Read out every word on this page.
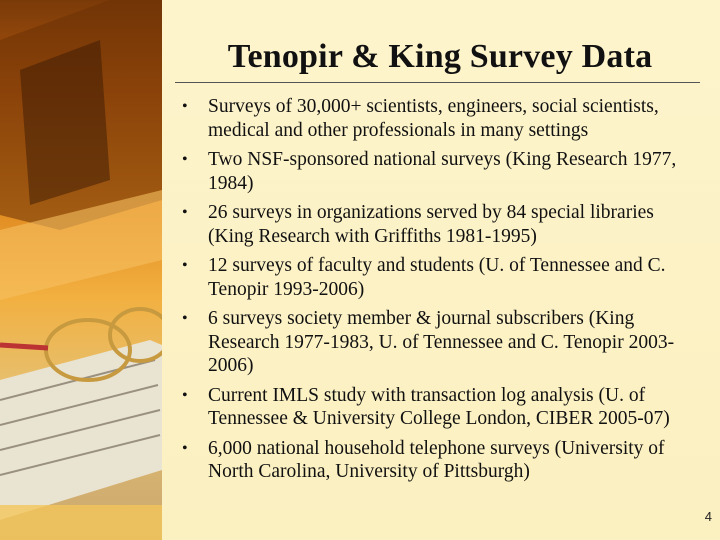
Tenopir & King Survey Data
• Surveys of 30,000+ scientists, engineers, social scientists, medical and other professionals in many settings
• Two NSF-sponsored national surveys (King Research 1977, 1984)
• 26 surveys in organizations served by 84 special libraries (King Research with Griffiths 1981-1995)
• 12 surveys of faculty and students (U. of Tennessee and C. Tenopir 1993-2006)
• 6 surveys society member & journal subscribers (King Research 1977-1983, U. of Tennessee and C. Tenopir 2003-2006)
• Current IMLS study with transaction log analysis (U. of Tennessee & University College London, CIBER 2005-07)
• 6,000 national household telephone surveys (University of North Carolina, University of Pittsburgh)
4
